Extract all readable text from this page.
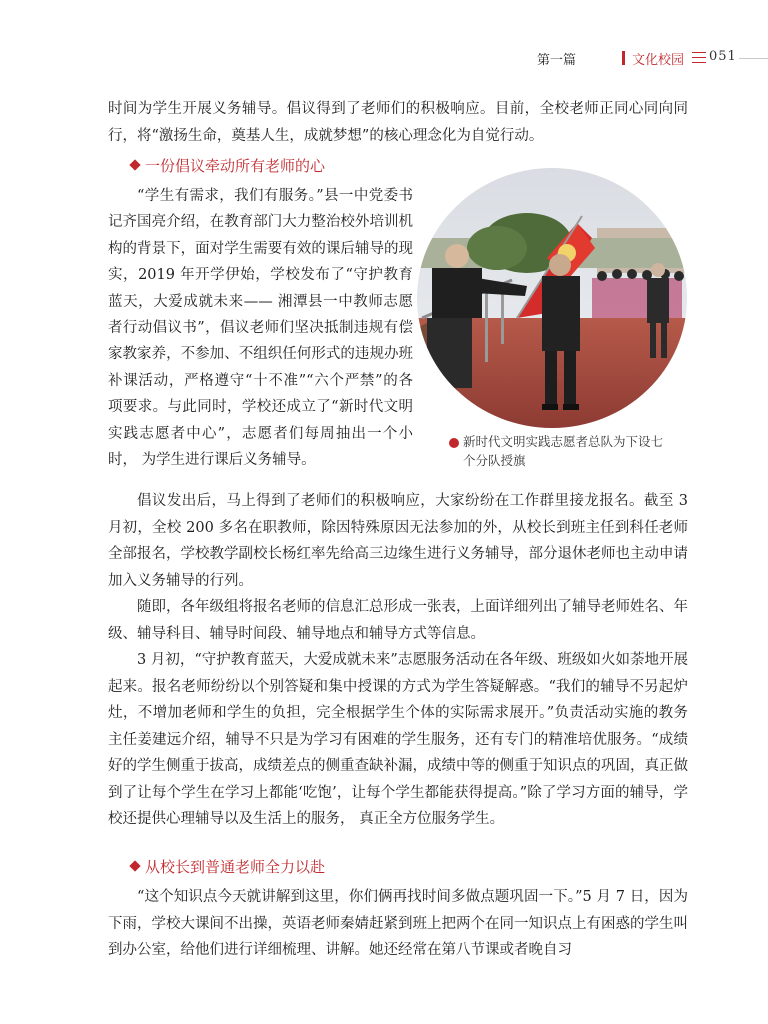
第一篇	文化校园 051

时间为学生开展义务辅导。倡议得到了老师们的积极响应。目前，全校老师正同心同向同行，将“激扬生命，奠基人生，成就梦想”的核心理念化为自觉行动。

一份倡议牵动所有老师的心

“学生有需求，我们有服务。”县一中党委书记齐国亮介绍，在教育部门大力整治校外培训机构的背景下，面对学生需要有效的课后辅导的现实，2019 年开学伊始，学校发布了“守护教育蓝天，大爱成就未来—— 湘潭县一中教师志愿者行动倡议书”，倡议老师们坚决抵制违规有偿家教家养，不参加、不组织任何形式的违规办班补课活动，严格遵守“十不准”“六个严禁”的各项要求。与此同时，学校还成立了“新时代文明实践志愿者中心”，志愿者们每周抽出一个小时， 为学生进行课后义务辅导。

新时代文明实践志愿者总队为下设七个分队授旗

倡议发出后，马上得到了老师们的积极响应，大家纷纷在工作群里接龙报名。截至 3 月初，全校 200 多名在职教师，除因特殊原因无法参加的外，从校长到班主任到科任老师全部报名，学校教学副校长杨红率先给高三边缘生进行义务辅导，部分退休老师也主动申请加入义务辅导的行列。

随即，各年级组将报名老师的信息汇总形成一张表，上面详细列出了辅导老师姓名、年级、辅导科目、辅导时间段、辅导地点和辅导方式等信息。

3 月初，“守护教育蓝天，大爱成就未来”志愿服务活动在各年级、班级如火如荼地开展起来。报名老师纷纷以个别答疑和集中授课的方式为学生答疑解惑。“我们的辅导不另起炉灶，不增加老师和学生的负担，完全根据学生个体的实际需求展开。”负责活动实施的教务主任姜建远介绍，辅导不只是为学习有困难的学生服务，还有专门的精准培优服务。“成绩好的学生侧重于拔高，成绩差点的侧重查缺补漏，成绩中等的侧重于知识点的巩固，真正做到了让每个学生在学习上都能‘吃饱’，让每个学生都能获得提高。”除了学习方面的辅导，学校还提供心理辅导以及生活上的服务， 真正全方位服务学生。

从校长到普通老师全力以赴

“这个知识点今天就讲解到这里，你们俩再找时间多做点题巩固一下。”5 月 7 日，因为下雨，学校大课间不出操，英语老师秦婧赶紧到班上把两个在同一知识点上有困惑的学生叫到办公室，给他们进行详细梳理、讲解。她还经常在第八节课或者晚自习
